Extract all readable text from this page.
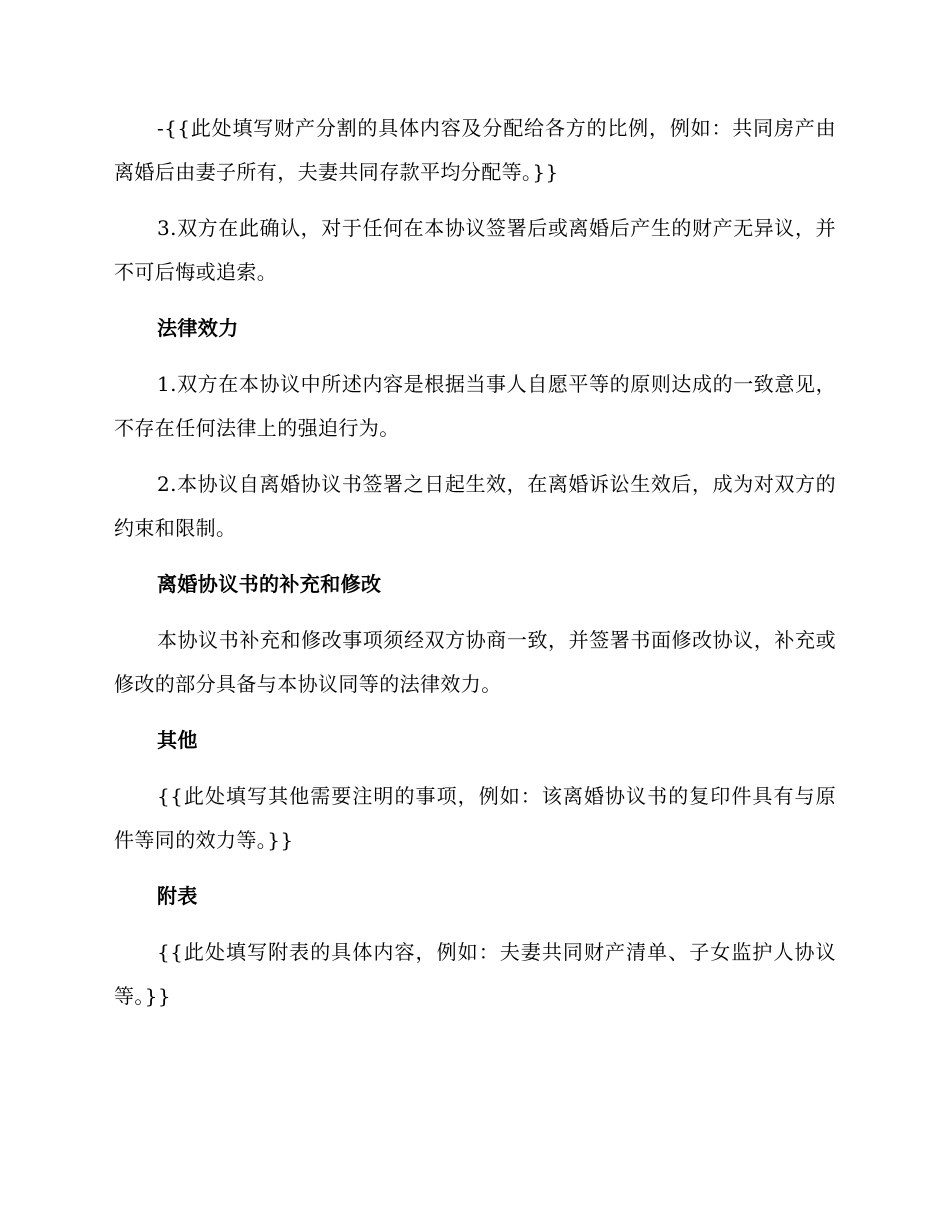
-{{此处填写财产分割的具体内容及分配给各方的比例，例如：共同房产由离婚后由妻子所有，夫妻共同存款平均分配等。}}

3.双方在此确认，对于任何在本协议签署后或离婚后产生的财产无异议，并不可后悔或追索。

法律效力

1.双方在本协议中所述内容是根据当事人自愿平等的原则达成的一致意见，不存在任何法律上的强迫行为。

2.本协议自离婚协议书签署之日起生效，在离婚诉讼生效后，成为对双方的约束和限制。

离婚协议书的补充和修改

本协议书补充和修改事项须经双方协商一致，并签署书面修改协议，补充或修改的部分具备与本协议同等的法律效力。

其他

{{此处填写其他需要注明的事项，例如：该离婚协议书的复印件具有与原件等同的效力等。}}

附表

{{此处填写附表的具体内容，例如：夫妻共同财产清单、子女监护人协议等。}}
